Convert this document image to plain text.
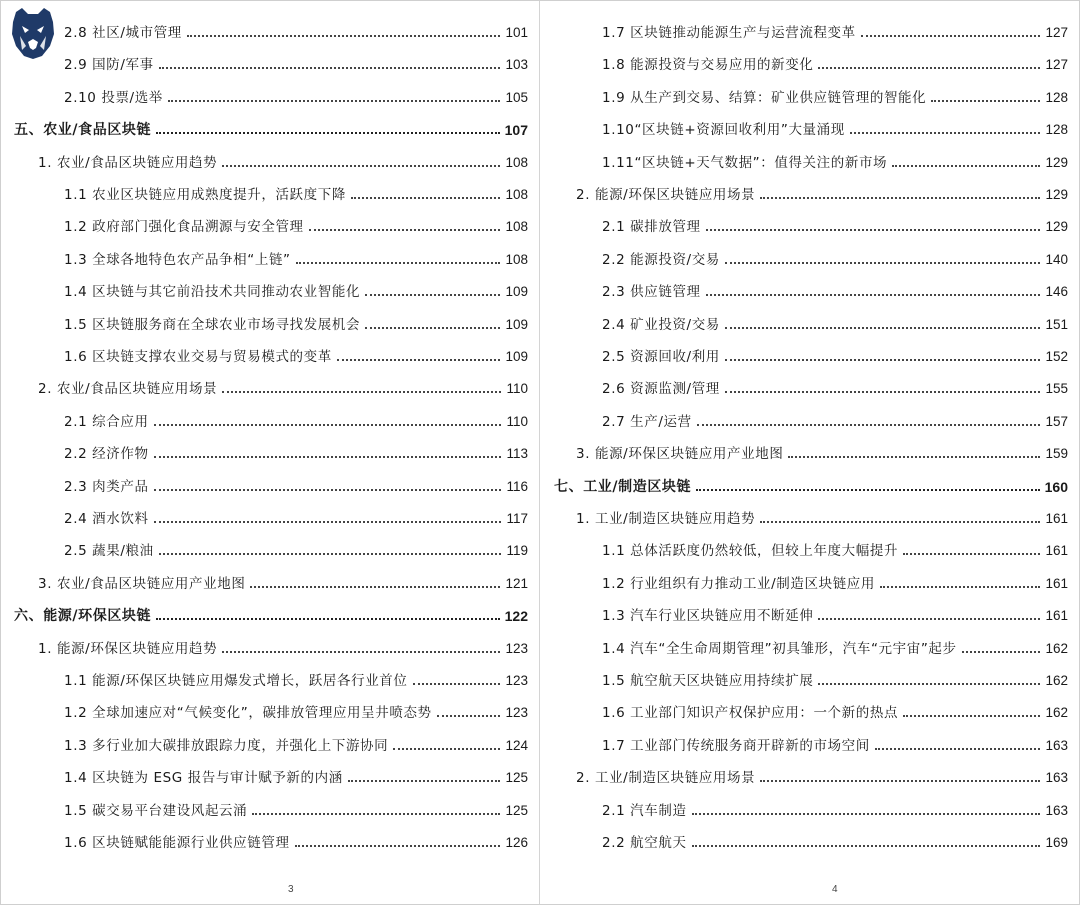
2.8 社区/城市管理	101
2.9 国防/军事	103
2.10 投票/选举	105
五、农业/食品区块链	107
1. 农业/食品区块链应用趋势	108
1.1 农业区块链应用成熟度提升，活跃度下降	108
1.2 政府部门强化食品溯源与安全管理	108
1.3 全球各地特色农产品争相“上链”	108
1.4 区块链与其它前沿技术共同推动农业智能化	109
1.5 区块链服务商在全球农业市场寻找发展机会	109
1.6 区块链支撑农业交易与贸易模式的变革	109
2. 农业/食品区块链应用场景	110
2.1 综合应用	110
2.2 经济作物	113
2.3 肉类产品	116
2.4 酒水饮料	117
2.5 蔬果/粮油	119
3. 农业/食品区块链应用产业地图	121
六、能源/环保区块链	122
1. 能源/环保区块链应用趋势	123
1.1 能源/环保区块链应用爆发式增长，跃居各行业首位	123
1.2 全球加速应对“气候变化”，碳排放管理应用呈井喷态势	123
1.3 多行业加大碳排放跟踪力度，并强化上下游协同	124
1.4 区块链为 ESG 报告与审计赋予新的内涵	125
1.5 碳交易平台建设风起云涌	125
1.6 区块链赋能能源行业供应链管理	126
1.7 区块链推动能源生产与运营流程变革	127
1.8 能源投资与交易应用的新变化	127
1.9 从生产到交易、结算：矿业供应链管理的智能化	128
1.10“区块链+资源回收利用”大量涌现	128
1.11“区块链+天气数据”：值得关注的新市场	129
2. 能源/环保区块链应用场景	129
2.1 碳排放管理	129
2.2 能源投资/交易	140
2.3 供应链管理	146
2.4 矿业投资/交易	151
2.5 资源回收/利用	152
2.6 资源监测/管理	155
2.7 生产/运营	157
3. 能源/环保区块链应用产业地图	159
七、工业/制造区块链	160
1. 工业/制造区块链应用趋势	161
1.1 总体活跃度仍然较低，但较上年度大幅提升	161
1.2 行业组织有力推动工业/制造区块链应用	161
1.3 汽车行业区块链应用不断延伸	161
1.4 汽车“全生命周期管理”初具雏形，汽车“元宇宙”起步	162
1.5 航空航天区块链应用持续扩展	162
1.6 工业部门知识产权保护应用：一个新的热点	162
1.7 工业部门传统服务商开辟新的市场空间	163
2. 工业/制造区块链应用场景	163
2.1 汽车制造	163
2.2 航空航天	169
3	4
